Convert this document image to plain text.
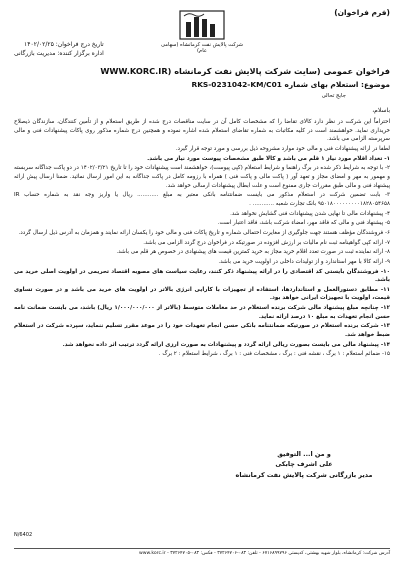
(فرم فراخوان)
شرکت پالایش نفت کرمانشاه (سهامی عام)
تاریخ درج فراخوان: ۱۴۰۲/۰۲/۲۵
اداره برگزار کننده: مدیریت بازرگانی
فراخوان عمومی (سایت شرکت پالایش نفت کرمانشاه (WWW.KORC.IR
موضوع: استعلام بهای شماره RKS-0231042-KM/C01
جابج تحالی
باسلام،

احتراماً این شرکت در نظر دارد کالای تقاضا را که مشخصات کامل آن در سایت مناقصات درج شده از طریق استعلام و از تأمین کنندگان، سازندگان ذیصلاح خریداری نماید. خواهشمند است در کلیه مکاتبات به شماره تقاضای استعلام شده اشاره نموده و همچنین درج شماره مذکور روی پاکات پیشنهادات فنی و مالی سرپرسته الزامی می باشد.

لطفا در ارائه پیشنهادات فنی و مالی خود موارد مشروحه ذیل بررسی و مورد توجه قرار گیرد.

۱- تعداد اقلام مورد نیاز ۱ قلم می باشد و کالا طبق مشخصات پیوست مورد نیاز می باشد.

۲- با توجه به شرایط ذکر شده در برگ راهنما و شرایط استعلام (کپی پیوست)، خواهشمند است پیشنهادات خود را تا تاریخ ۱۴۰۲/۰۳/۲۱ در دو پاکت جداگانه سربسته و مهمور به مهر و امضای مجاز و تعهد آور ( پاکت مالی و پاکت فنی ) همراه با رزومه کامل در پاکت جداگانه به این امور ارسال نمائید. ضمنا ارسال پیش ارائه پیشنهاد فنی و مالی طبق مقررات جاری ممنوع است و علت ابطال پیشنهادات ارسالی خواهد شد.

۳- بابت تضمین شرکت در استعلام مذکور می بایست ضمانتنامه بانکی معتبر به مبلغ ............ ریال یا واریز وجه نقد به شماره حساب IR ۹۵۰۱۸۰۰۰۰۰۰۰۰۰۱۸۲۸۰۵۴۶۵۸ بانک تجارت شعبه ............ .

۴- پیشنهادات مالی تا نهایی شدن پیشنهادات فنی گشایش نخواهد شد.

۵- پیشنهاد فنی و مالی که فاقد مهر، امضاء شرکت باشد، فاقد اعتبار است.

۶- فروشندگان مؤظف هستند جهت جلوگیری از مغایرت احتمالی شماره و تاریخ پاکات فنی و مالی خود را یکسان ارائه نمایند و همزمان به آدرس ذیل ارسال گردد.

۷- ارائه کپی گواهینامه ثبت نام مالیات بر ارزش افزوده در صورتیکه در فراخوان درج گردد الزامی می باشد.

۸- ارائه نماینده ثبت در صورت تعدد اقلام خرید مجاز به خرید کمترین قیمت های پیشنهادی در خصوص هر قلم می باشد.

۹- ارائه کالا با مهر استاندارد و از تولیدات داخلی در اولویت خرید می باشد.

۱۰- فروشندگان بایستی کد اقتصادی را در ارائه پیشنهاد ذکر کنند، رعایت سیاست های مصوبه اقتصاد تحریمی در اولویت اصلی خرید می باشد.

۱۱- مطابق دستورالعمل و استانداردها، استفاده از تجهیزات با کارایی انرژی بالاتر در اولویت های خرید می باشد و در صورت تساوی قیمت، اولویت با تجهیزات ایرانی خواهد بود.

۱۲- چنانچه مبلغ پیشنهاد مالی شرکت برنده استعلام در حد معاملات متوسط (بالاتر از ۱/۰۰۰/۰۰۰/۰۰۰ ریال) باشد، می بایست ضمانت نامه حسن انجام تعهدات به مبلغ ۱۰ درصد ارائه نماید.

۱۳- شرکت برنده استعلام در صورتیکه ضمانتنامه بانکی حسن انجام تعهدات خود را در موعد مقرر تسلیم ننماید، سپرده شرکت در استعلام ضبط خواهد شد.

۱۴- پیشنهاد مالی می بایست بصورت ریالی ارائه گردد و پیشنهادات به صورت ارزی ارائه گردد ترتیب اثر داده نخواهد شد.

۱۵- ضمائم استعلام : ۱ برگ ، نقشه فنی : برگ ، مشخصات فنی : ۱ برگ ، شرایط استعلام : ۲ برگ .

و من ا... التوفیق
علی اشرف چابکی
مدیر بازرگانی شرکت پالایش نفت کرمانشاه
N/6402
آدرس شرکت: کرمانشاه، بلوار شهید بهشتی، کدپستی ۶۷۱۶۸۹۹۷۹۶ - تلفن: ۰۸۳-۳۷۲۶۴۷۰۶ - فکس: ۰۸۳-۳۷۲۶۴۷۰۵ - www.korc.ir
